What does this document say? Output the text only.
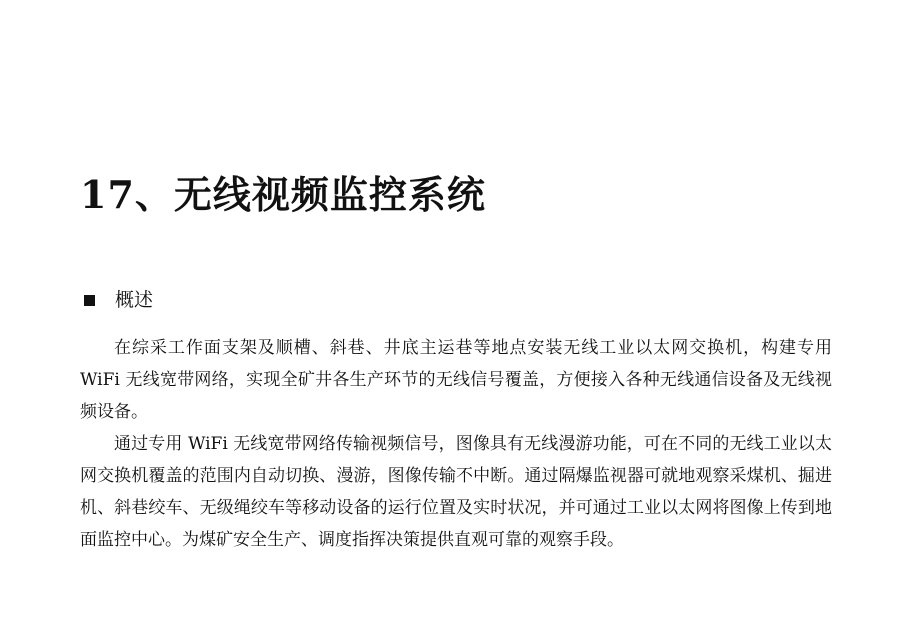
17、无线视频监控系统
概述

在综采工作面支架及顺槽、斜巷、井底主运巷等地点安装无线工业以太网交换机，构建专用 WiFi 无线宽带网络，实现全矿井各生产环节的无线信号覆盖，方便接入各种无线通信设备及无线视频设备。

通过专用 WiFi 无线宽带网络传输视频信号，图像具有无线漫游功能，可在不同的无线工业以太网交换机覆盖的范围内自动切换、漫游，图像传输不中断。通过隔爆监视器可就地观察采煤机、掘进机、斜巷绞车、无级绳绞车等移动设备的运行位置及实时状况，并可通过工业以太网将图像上传到地面监控中心。为煤矿安全生产、调度指挥决策提供直观可靠的观察手段。
